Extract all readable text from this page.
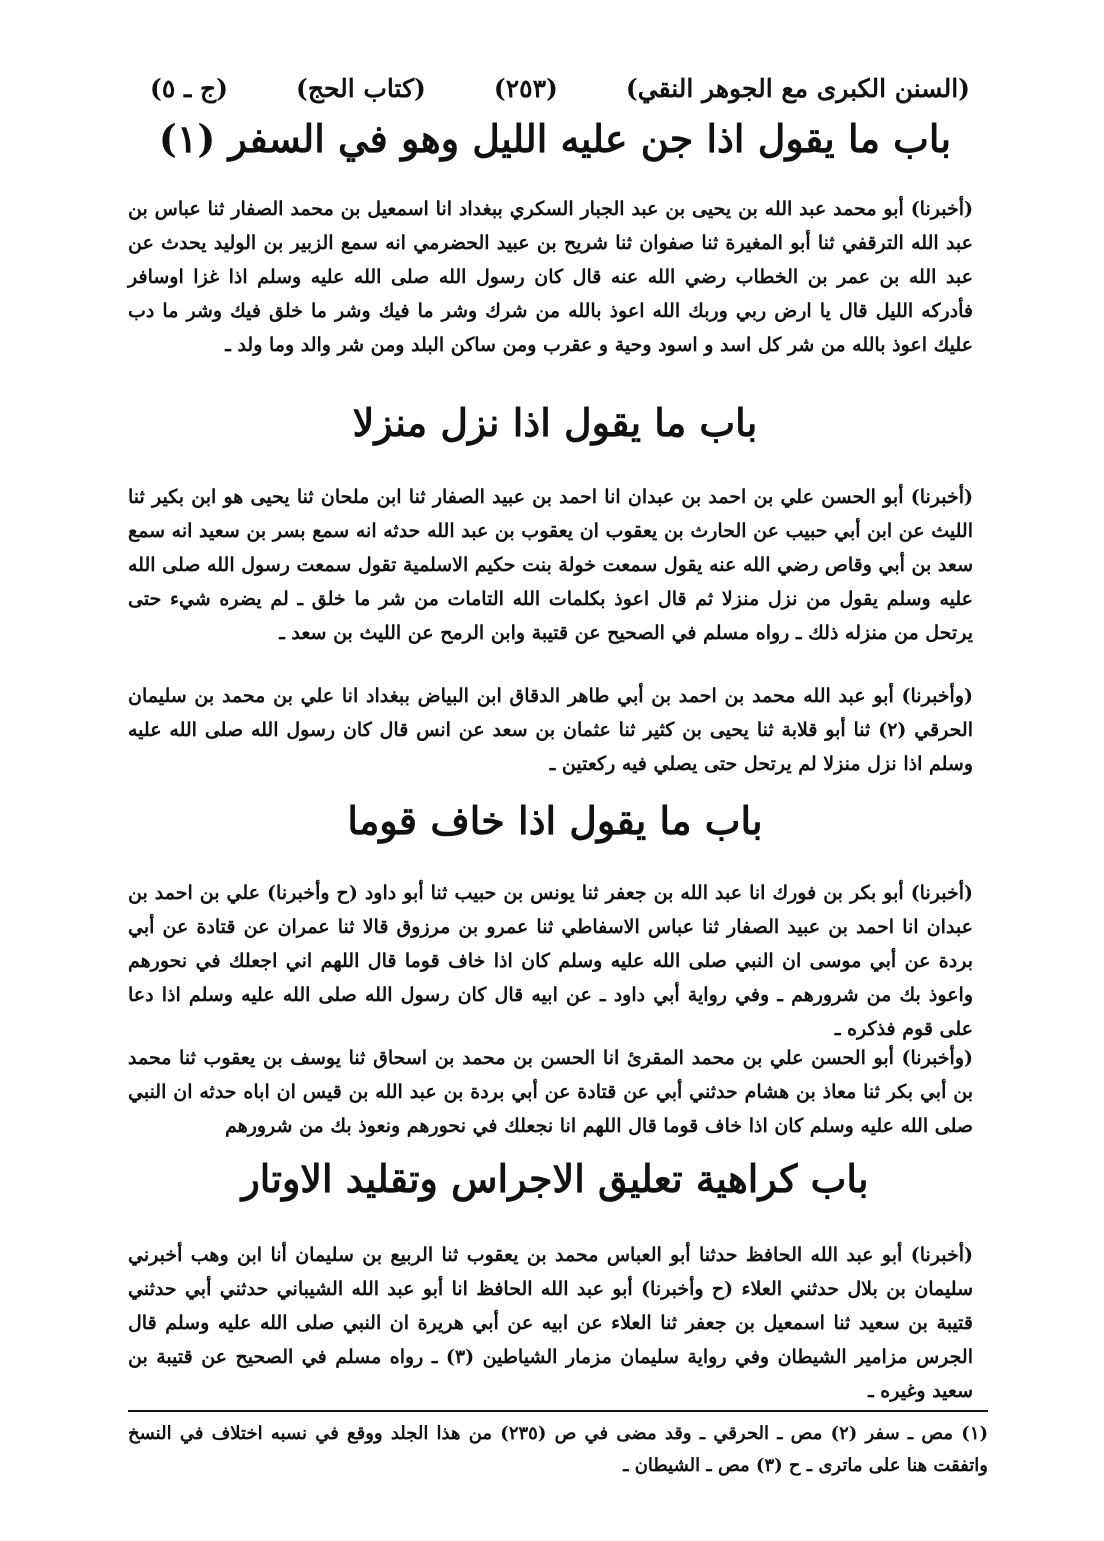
(السنن الكبرى مع الجوهر النقي)
(٢٥٣)
(كتاب الحج)
(ج ـ ٥)
باب ما يقول اذا جن عليه الليل وهو في السفر (١)
(أخبرنا) أبو محمد عبد الله بن يحيى بن عبد الجبار السكري ببغداد انا اسمعيل بن محمد الصفار ثنا عباس بن عبد الله الترقفي ثنا أبو المغيرة ثنا صفوان ثنا شريح بن عبيد الحضرمي انه سمع الزبير بن الوليد يحدث عن عبد الله بن عمر بن الخطاب رضي الله عنه قال كان رسول الله صلى الله عليه وسلم اذا غزا اوسافر فأدركه الليل قال يا ارض ربي وربك الله اعوذ بالله من شرك وشر ما فيك وشر ما خلق فيك وشر ما دب عليك اعوذ بالله من شر كل اسد و اسود وحية و عقرب ومن ساكن البلد ومن شر والد وما ولد ـ
باب ما يقول اذا نزل منزلا
(أخبرنا) أبو الحسن علي بن احمد بن عبدان انا احمد بن عبيد الصفار ثنا ابن ملحان ثنا يحيى هو ابن بكير ثنا الليث عن ابن أبي حبيب عن الحارث بن يعقوب ان يعقوب بن عبد الله حدثه انه سمع بسر بن سعيد انه سمع سعد بن أبي وقاص رضي الله عنه يقول سمعت خولة بنت حكيم الاسلمية تقول سمعت رسول الله صلى الله عليه وسلم يقول من نزل منزلا ثم قال اعوذ بكلمات الله التامات من شر ما خلق ـ لم يضره شيء حتى يرتحل من منزله ذلك ـ رواه مسلم في الصحيح عن قتيبة وابن الرمح عن الليث بن سعد ـ
(وأخبرنا) أبو عبد الله محمد بن احمد بن أبي طاهر الدقاق ابن البياض ببغداد انا علي بن محمد بن سليمان الحرقي (٢) ثنا أبو قلابة ثنا يحيى بن كثير ثنا عثمان بن سعد عن انس قال كان رسول الله صلى الله عليه وسلم اذا نزل منزلا لم يرتحل حتى يصلي فيه ركعتين ـ
باب ما يقول اذا خاف قوما
(أخبرنا) أبو بكر بن فورك انا عبد الله بن جعفر ثنا يونس بن حبيب ثنا أبو داود (ح وأخبرنا) علي بن احمد بن عبدان انا احمد بن عبيد الصفار ثنا عباس الاسفاطي ثنا عمرو بن مرزوق قالا ثنا عمران عن قتادة عن أبي بردة عن أبي موسى ان النبي صلى الله عليه وسلم كان اذا خاف قوما قال اللهم اني اجعلك في نحورهم واعوذ بك من شرورهم ـ وفي رواية أبي داود ـ عن ابيه قال كان رسول الله صلى الله عليه وسلم اذا دعا على قوم فذكره ـ
(وأخبرنا) أبو الحسن علي بن محمد المقرئ انا الحسن بن محمد بن اسحاق ثنا يوسف بن يعقوب ثنا محمد بن أبي بكر ثنا معاذ بن هشام حدثني أبي عن قتادة عن أبي بردة بن عبد الله بن قيس ان اباه حدثه ان النبي صلى الله عليه وسلم كان اذا خاف قوما قال اللهم انا نجعلك في نحورهم ونعوذ بك من شرورهم
باب كراهية تعليق الاجراس وتقليد الاوتار
(أخبرنا) أبو عبد الله الحافظ حدثنا أبو العباس محمد بن يعقوب ثنا الربيع بن سليمان أنا ابن وهب أخبرني سليمان بن بلال حدثني العلاء (ح وأخبرنا) أبو عبد الله الحافظ انا أبو عبد الله الشيباني حدثني أبي حدثني قتيبة بن سعيد ثنا اسمعيل بن جعفر ثنا العلاء عن ابيه عن أبي هريرة ان النبي صلى الله عليه وسلم قال الجرس مزامير الشيطان وفي رواية سليمان مزمار الشياطين (٣) ـ رواه مسلم في الصحيح عن قتيبة بن سعيد وغيره ـ
(١) مص ـ سفر (٢) مص ـ الحرقي ـ وقد مضى في ص (٢٣٥) من هذا الجلد ووقع في نسبه اختلاف في النسخ واتفقت هنا على ماترى ـ ح (٣) مص ـ الشيطان ـ
